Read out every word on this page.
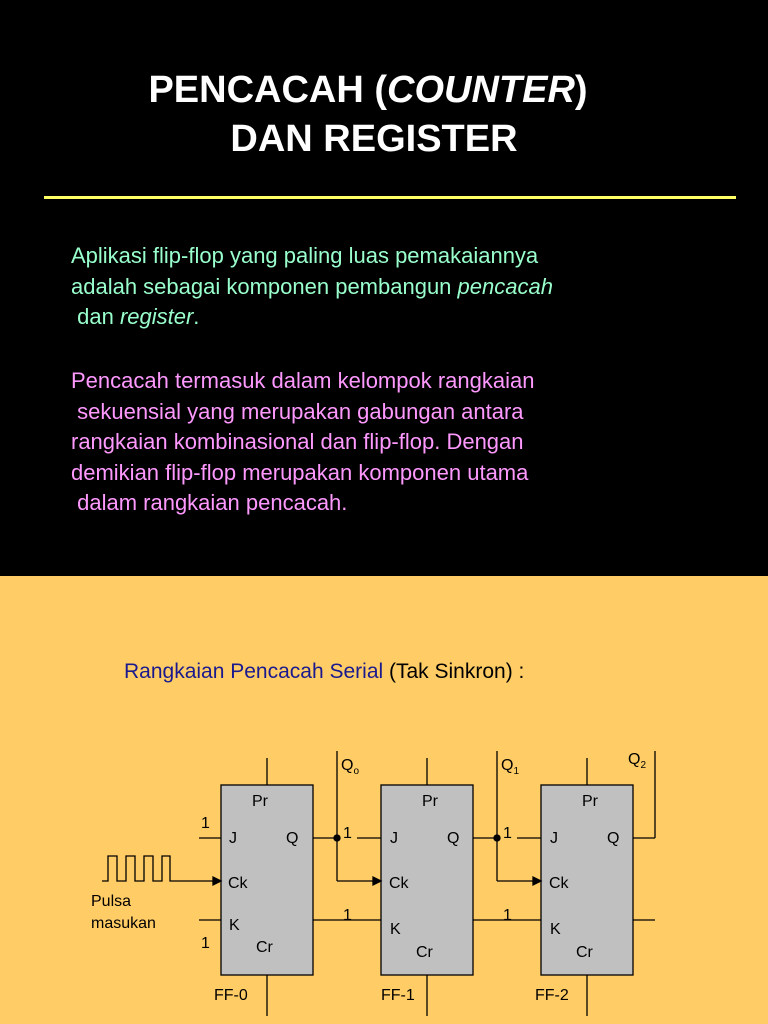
PENCACAH (COUNTER)
DAN REGISTER
Aplikasi flip-flop yang paling luas pemakaiannya
adalah sebagai komponen pembangun pencacah
dan register.
Pencacah termasuk dalam kelompok rangkaian
sekuensial yang merupakan gabungan antara
rangkaian kombinasional dan flip-flop. Dengan
demikian flip-flop merupakan komponen utama
dalam rangkaian pencacah.
Rangkaian Pencacah Serial (Tak Sinkron) :
Pr
J	Q
Ck
K
Cr
FF-0
Pr
J	Q
Ck
K
Cr
FF-1
Pr
J	Q
Ck
K
Cr
FF-2
$Q_o$	$Q_1$
$Q_2$
1
1
1
1
1
1
Pulsa
masukan
